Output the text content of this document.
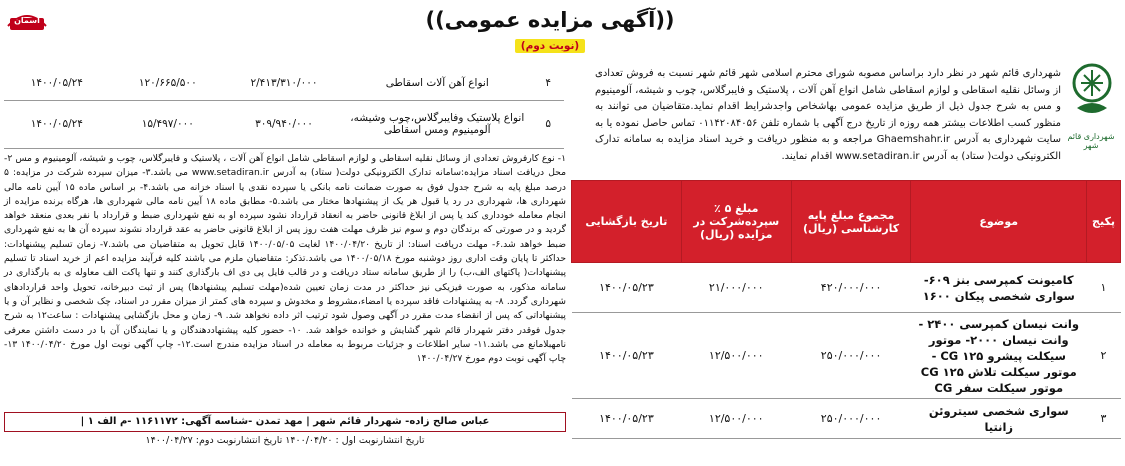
آسمان	((آگهی مزایده عمومی))
(نوبت دوم)
شهرداری قائم شهر
شهرداری قائم شهر در نظر دارد براساس مصوبه شورای محترم اسلامی شهر قائم شهر نسبت به فروش تعدادی از وسائل نقلیه اسقاطی و لوازم اسقاطی شامل انواع آهن آلات ، پلاستیک و فایبرگلاس، چوب و شیشه، آلومینیوم و مس به شرح جدول ذیل از طریق مزایده عمومی بهاشخاص واجدشرایط اقدام نماید.متقاضیان می توانند به منظور کسب اطلاعات بیشتر همه روزه از تاریخ درج آگهی با شماره تلفن ۰۱۱۴۲۰۸۴۰۵۶ تماس حاصل نموده یا به سایت شهرداری به آدرس Ghaemshahr.ir مراجعه و به منظور دریافت و خرید اسناد مزایده به سامانه تدارک الکترونیکی دولت( ستاد) به آدرس www.setadiran.ir اقدام نمایند.
۴	انواع آهن آلات اسقاطی	۲/۴۱۳/۳۱۰/۰۰۰	۱۲۰/۶۶۵/۵۰۰	۱۴۰۰/۰۵/۲۴
۵	انواع پلاستیک وفایبرگلاس،چوب وشیشه، آلومینیوم ومس اسقاطی	۳۰۹/۹۴۰/۰۰۰	۱۵/۴۹۷/۰۰۰	۱۴۰۰/۰۵/۲۴
۱- نوع کارفروش تعدادی از وسائل نقلیه اسقاطی و لوازم اسقاطی شامل انواع آهن آلات ، پلاستیک و فایبرگلاس، چوب و شیشه، آلومینیوم و مس ۲- محل دریافت اسناد مزایده:سامانه تدارک الکترونیکی دولت( ستاد) به آدرس www.setadiran.ir می باشد.۳- میزان سپرده شرکت در مزایده: ۵ درصد مبلغ پایه به شرح جدول فوق به صورت ضمانت نامه بانکی یا سپرده نقدی یا اسناد خزانه می باشد.۴- بر اساس ماده ۱۵ آیین نامه مالی شهرداری ها، شهرداری در رد یا قبول هر یک از پیشنهادها مختار می باشد.۵- مطابق ماده ۱۸ آیین نامه مالی شهرداری ها، هرگاه برنده مزایده از انجام معامله خودداری کند یا پس از ابلاغ قانونی حاضر به انعقاد قرارداد نشود سپرده او به نفع شهرداری ضبط و قرارداد با نفر بعدی منعقد خواهد گردید و در صورتی که برندگان دوم و سوم نیز ظرف مهلت هفت روز پس از ابلاغ قانونی حاضر به عقد قرارداد نشوند سپرده آن ها به نفع شهرداری ضبط خواهد شد.۶- مهلت دریافت اسناد: از تاریخ ۱۴۰۰/۰۴/۲۰ لغایت ۱۴۰۰/۰۵/۰۵ قابل تحویل به متقاضیان می باشد.۷- زمان تسلیم پیشنهادات: حداکثر تا پایان وقت اداری روز دوشنبه مورخ ۱۴۰۰/۰۵/۱۸ می باشد.تذکر: متقاضیان ملزم می باشند کلیه فرآیند مزایده اعم از خرید اسناد تا تسلیم پیشنهادات( پاکتهای الف،ب) را از طریق سامانه ستاد دریافت و در قالب فایل پی دی اف بارگذاری کنند و تنها پاکت الف معاوله ی به بارگذاری در سامانه مذکور، به صورت فیزیکی نیز حداکثر در مدت زمان تعیین شده(مهلت تسلیم پیشنهادها) پس از ثبت دبیرخانه، تحویل واحد قراردادهای شهرداری گردد. ۸- به پیشنهادات فاقد سپرده یا امضاء،مشروط و مخدوش و سپرده های کمتر از میزان مقرر در اسناد، چک شخصی و نظایر آن و یا پیشنهاداتی که پس از انقضاء مدت مقرر در آگهی وصول شود ترتیب اثر داده نخواهد شد. ۹- زمان و محل بازگشایی پیشنهادات : ساعت۱۲ به شرح جدول فوقدر دفتر شهردار قائم شهر گشایش و خوانده خواهد شد. ۱۰- حضور کلیه پیشنهاددهندگان و یا نمایندگان آن با در دست داشتن معرفی نامهبلامانع می باشد.۱۱- سایر اطلاعات و جزئیات مربوط به معامله در اسناد مزایده مندرج است.۱۲- چاپ آگهی نوبت اول مورخ ۱۴۰۰/۰۴/۲۰ ۱۳- چاپ آگهی نوبت دوم مورخ ۱۴۰۰/۰۴/۲۷
عباس صالح زاده- شهردار قائم شهر | مهد تمدن -شناسه آگهی: ۱۱۶۱۱۷۲ -م الف ۱ |
تاریخ انتشارنوبت اول : ۱۴۰۰/۰۴/۲۰ تاریخ انتشارنوبت دوم: ۱۴۰۰/۰۴/۲۷
پکیج	موضوع	مجموع مبلغ پایه کارشناسی (ریال)	مبلغ ۵ ٪ سپرده‌شرکت در مزایده (ریال)	تاریخ بازگشایی
۱	کامیونت کمپرسی بنز ۶۰۹-سواری شخصی پیکان ۱۶۰۰	۴۲۰/۰۰۰/۰۰۰	۲۱/۰۰۰/۰۰۰	۱۴۰۰/۰۵/۲۳
۲	وانت نیسان کمپرسی ۲۴۰۰ - وانت نیسان ۲۰۰۰- موتور سیکلت پیشرو CG ۱۲۵ - موتور سیکلت تلاش CG ۱۲۵ موتور سیکلت سفر CG	۲۵۰/۰۰۰/۰۰۰	۱۲/۵۰۰/۰۰۰	۱۴۰۰/۰۵/۲۳
۳	سواری شخصی سیتروئن زانتیا	۲۵۰/۰۰۰/۰۰۰	۱۲/۵۰۰/۰۰۰	۱۴۰۰/۰۵/۲۳
